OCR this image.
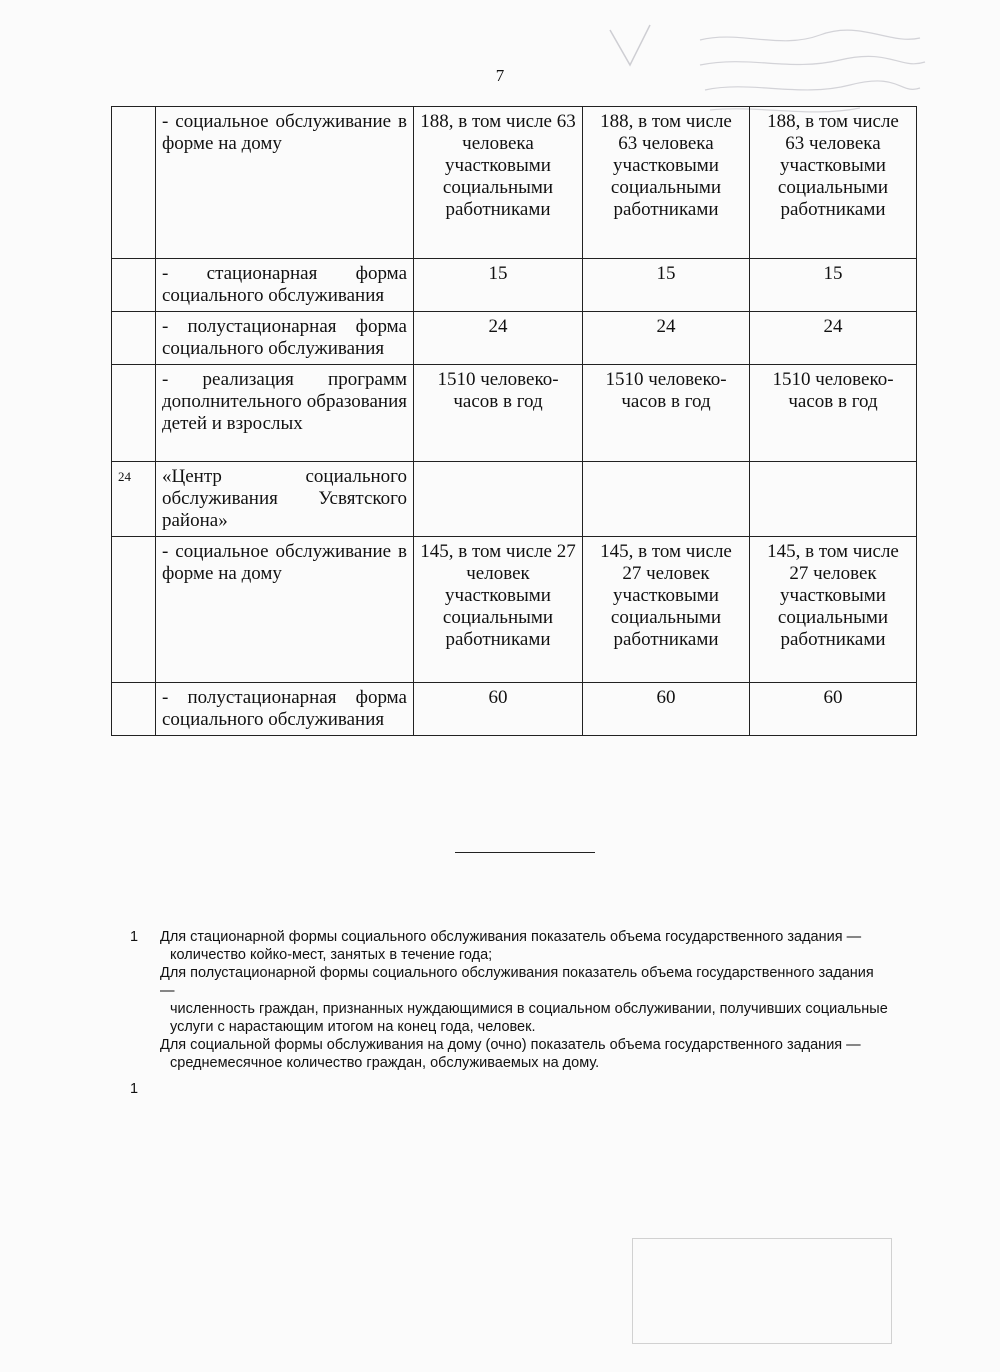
7
	- социальное обслуживание в форме на дому	188, в том числе 63 человека участковыми социальными работниками	188, в том числе 63 человека участковыми социальными работниками	188, в том числе 63 человека участковыми социальными работниками
	- стационарная форма социального обслуживания	15	15	15
	- полустационарная форма социального обслуживания	24	24	24
	- реализация программ дополнительного образования детей и взрослых	1510 человеко-часов в год	1510 человеко-часов в год	1510 человеко-часов в год
24	«Центр социального обслуживания Усвятского района»			
	- социальное обслуживание в форме на дому	145, в том числе 27 человек участковыми социальными работниками	145, в том числе 27 человек участковыми социальными работниками	145, в том числе 27 человек участковыми социальными работниками
	- полустационарная форма социального обслуживания	60	60	60
1 Для стационарной формы социального обслуживания показатель объема государственного задания —
количество койко-мест, занятых в течение года;
Для полустационарной формы социального обслуживания показатель объема государственного задания —
численность граждан, признанных нуждающимися в социальном обслуживании, получивших социальные
услуги с нарастающим итогом на конец года, человек.
Для социальной формы обслуживания на дому (очно) показатель объема государственного задания —
среднемесячное количество граждан, обслуживаемых на дому.
1
